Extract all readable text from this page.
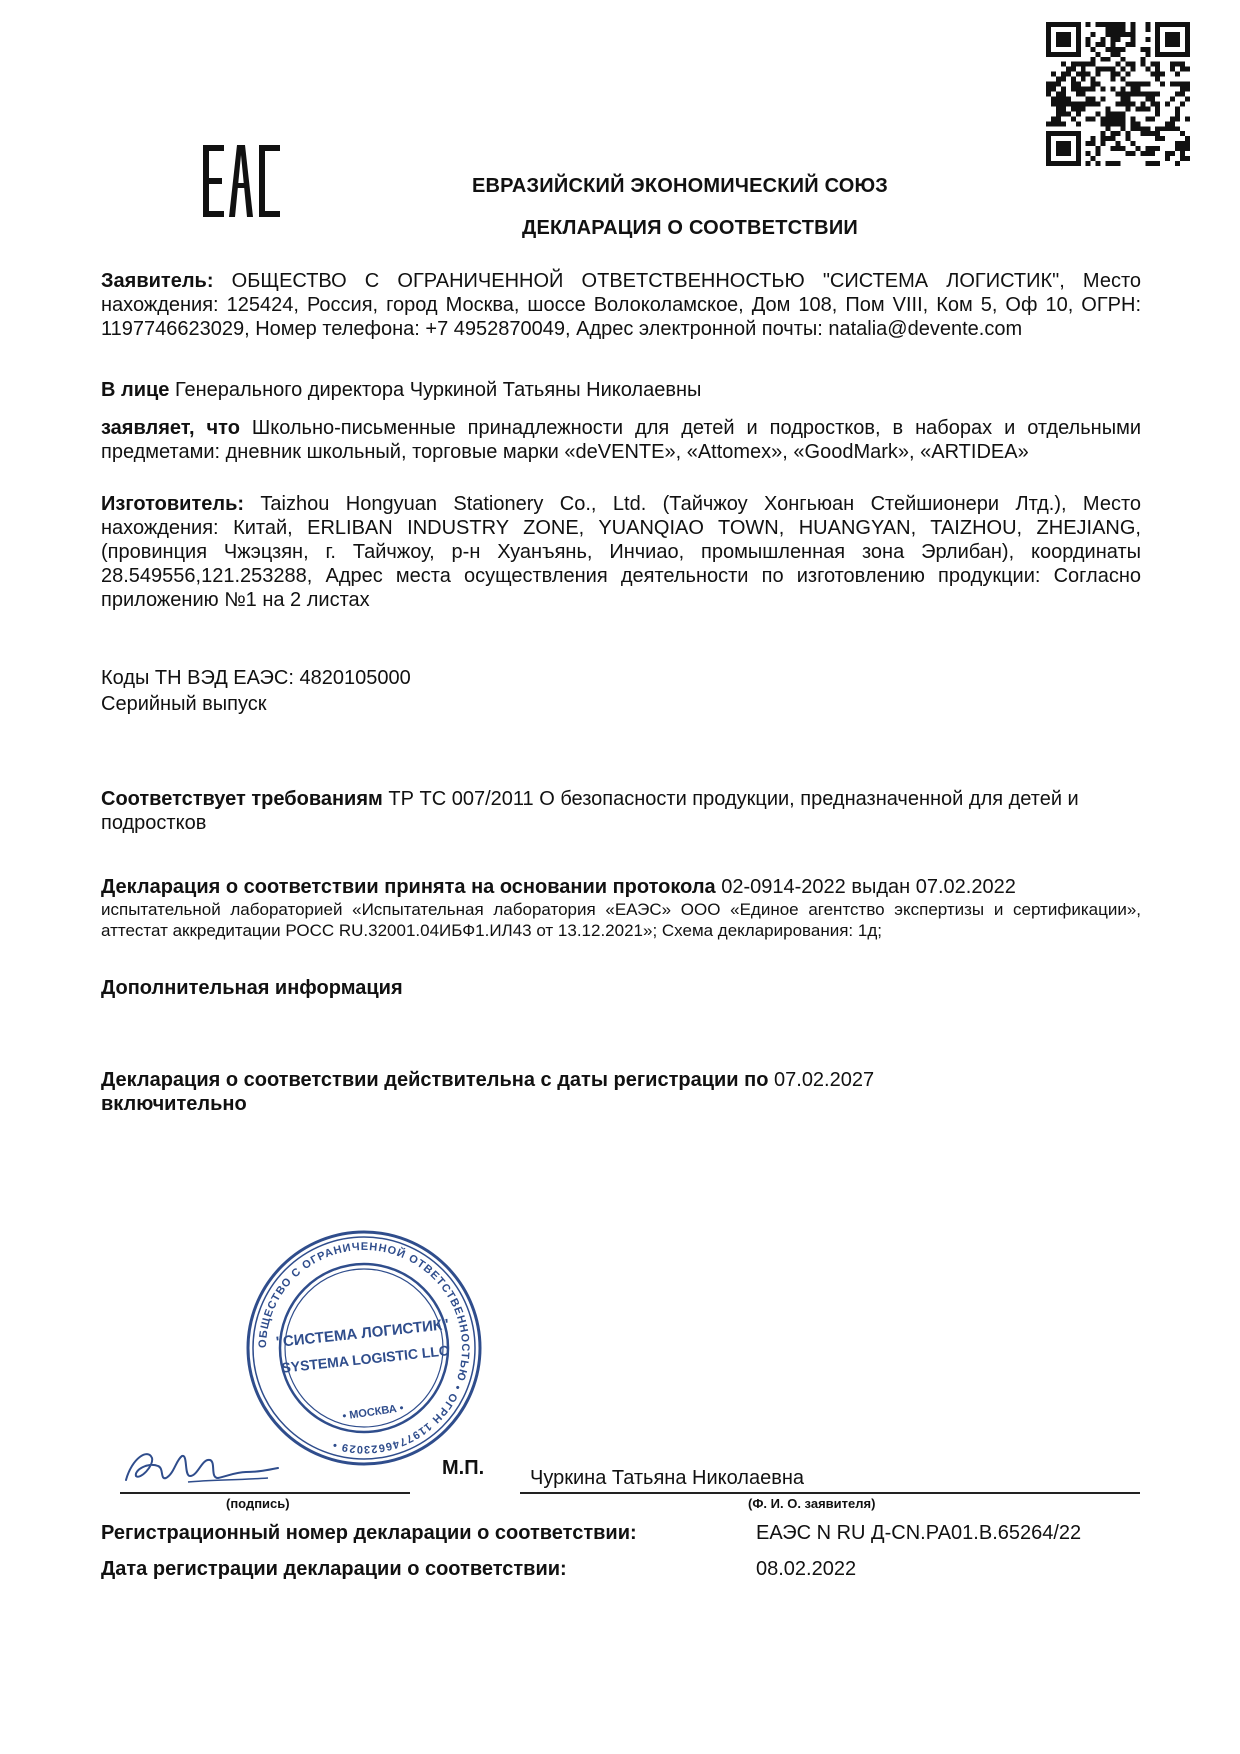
ЕВРАЗИЙСКИЙ ЭКОНОМИЧЕСКИЙ СОЮЗ
ДЕКЛАРАЦИЯ О СООТВЕТСТВИИ
Заявитель: ОБЩЕСТВО С ОГРАНИЧЕННОЙ ОТВЕТСТВЕННОСТЬЮ "СИСТЕМА ЛОГИСТИК", Место нахождения: 125424, Россия, город Москва, шоссе Волоколамское, Дом 108, Пом VIII, Ком 5, Оф 10, ОГРН: 1197746623029, Номер телефона: +7 4952870049, Адрес электронной почты: natalia@devente.com
В лице Генерального директора Чуркиной Татьяны Николаевны
заявляет, что Школьно-письменные принадлежности для детей и подростков, в наборах и отдельными предметами: дневник школьный, торговые марки «deVENTE», «Attomex», «GoodMark», «ARTIDEA»
Изготовитель: Taizhou Hongyuan Stationery Co., Ltd. (Тайчжоу Хонгьюан Стейшионери Лтд.), Место нахождения: Китай, ERLIBAN INDUSTRY ZONE, YUANQIAO TOWN, HUANGYAN, TAIZHOU, ZHEJIANG, (провинция Чжэцзян, г. Тайчжоу, р-н Хуанъянь, Инчиао, промышленная зона Эрлибан), координаты 28.549556,121.253288, Адрес места осуществления деятельности по изготовлению продукции: Согласно приложению №1 на 2 листах
Коды ТН ВЭД ЕАЭС: 4820105000
Серийный выпуск
Соответствует требованиям ТР ТС 007/2011 О безопасности продукции, предназначенной для детей и подростков
Декларация о соответствии принята на основании протокола 02-0914-2022 выдан 07.02.2022
испытательной лабораторией «Испытательная лаборатория «ЕАЭС» ООО «Единое агентство экспертизы и сертификации», аттестат аккредитации РОСС RU.32001.04ИБФ1.ИЛ43 от 13.12.2021»; Схема декларирования: 1д;
Дополнительная информация
Декларация о соответствии действительна с даты регистрации по 07.02.2027
включительно
ОБЩЕСТВО С ОГРАНИЧЕННОЙ ОТВЕТСТВЕННОСТЬЮ • ОГРН 1197746623029 •
"СИСТЕМА ЛОГИСТИК"
SYSTEMA LOGISTIC LLC
• МОСКВА •
М.П. Чуркина Татьяна Николаевна
(подпись)	(Ф. И. О. заявителя)
Регистрационный номер декларации о соответствии:	ЕАЭС N RU Д-CN.РА01.В.65264/22
Дата регистрации декларации о соответствии:	08.02.2022
